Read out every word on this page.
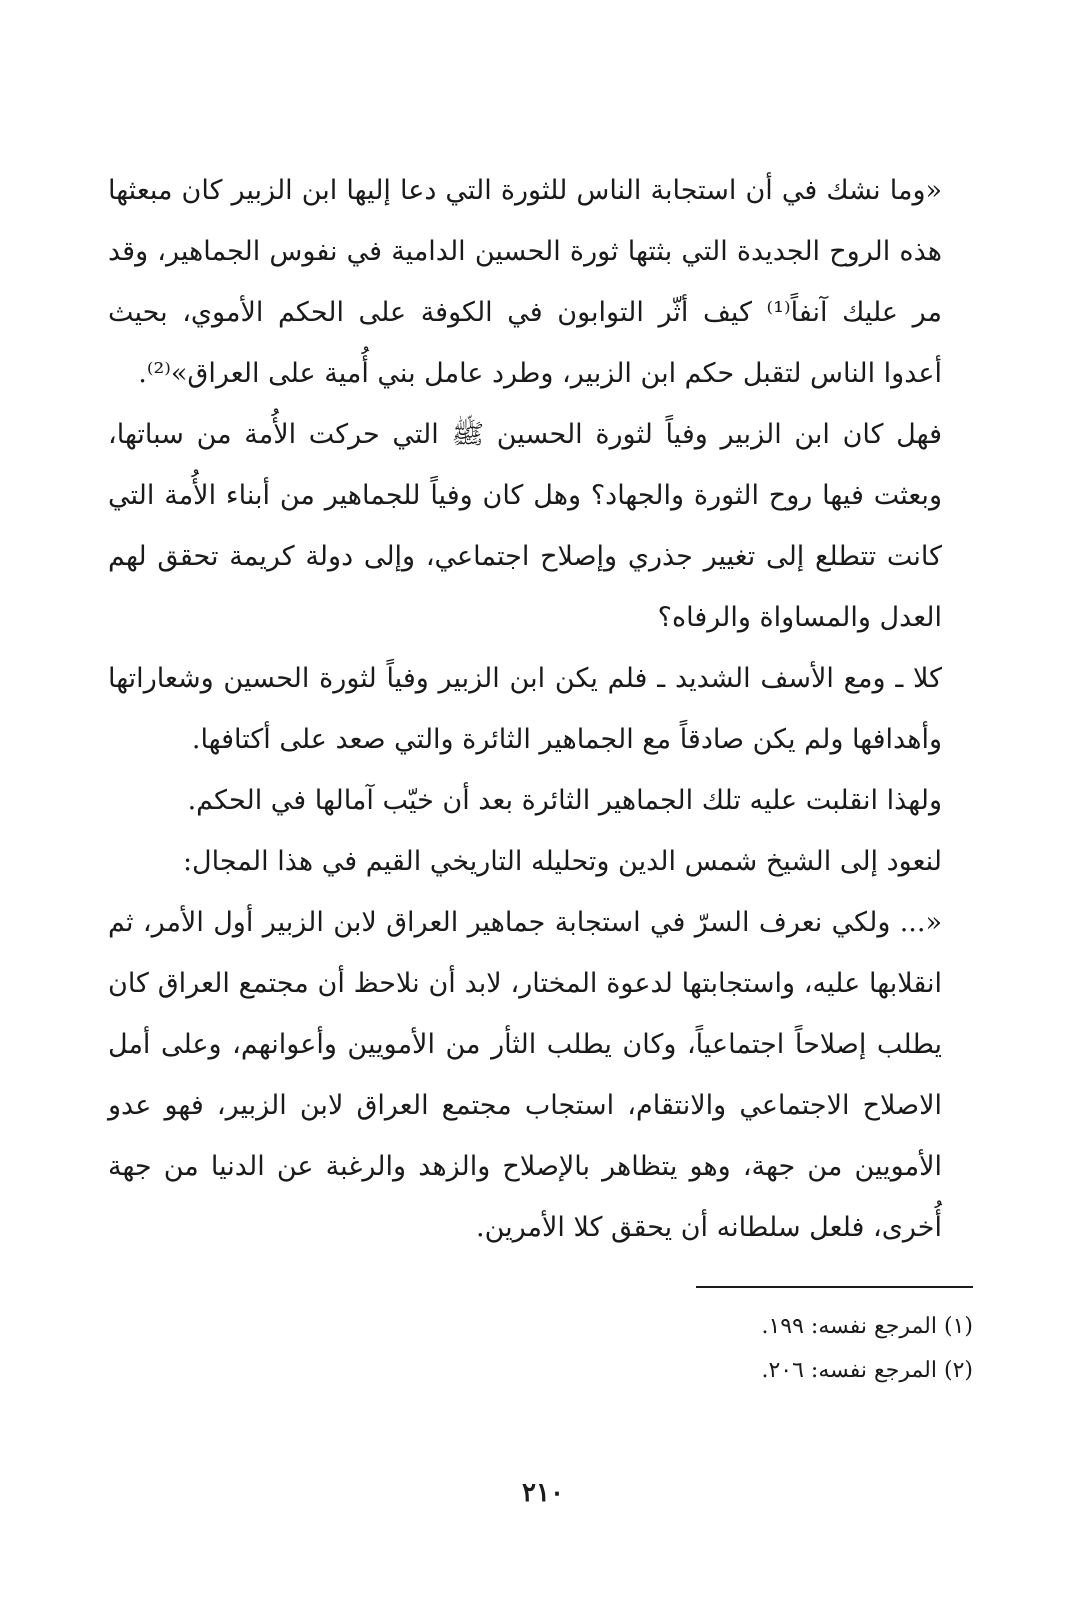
«وما نشك في أن استجابة الناس للثورة التي دعا إليها ابن الزبير كان مبعثها هذه الروح الجديدة التي بثتها ثورة الحسين الدامية في نفوس الجماهير، وقد مر عليك آنفاً⁽¹⁾ كيف أثّر التوابون في الكوفة على الحكم الأموي، بحيث أعدوا الناس لتقبل حكم ابن الزبير، وطرد عامل بني أُمية على العراق»⁽²⁾.

فهل كان ابن الزبير وفياً لثورة الحسين ﷺ التي حركت الأُمة من سباتها، وبعثت فيها روح الثورة والجهاد؟ وهل كان وفياً للجماهير من أبناء الأُمة التي كانت تتطلع إلى تغيير جذري وإصلاح اجتماعي، وإلى دولة كريمة تحقق لهم العدل والمساواة والرفاه؟

كلا ـ ومع الأسف الشديد ـ فلم يكن ابن الزبير وفياً لثورة الحسين وشعاراتها وأهدافها ولم يكن صادقاً مع الجماهير الثائرة والتي صعد على أكتافها.

ولهذا انقلبت عليه تلك الجماهير الثائرة بعد أن خيّب آمالها في الحكم.

لنعود إلى الشيخ شمس الدين وتحليله التاريخي القيم في هذا المجال:

«... ولكي نعرف السرّ في استجابة جماهير العراق لابن الزبير أول الأمر، ثم انقلابها عليه، واستجابتها لدعوة المختار، لابد أن نلاحظ أن مجتمع العراق كان يطلب إصلاحاً اجتماعياً، وكان يطلب الثأر من الأمويين وأعوانهم، وعلى أمل الاصلاح الاجتماعي والانتقام، استجاب مجتمع العراق لابن الزبير، فهو عدو الأمويين من جهة، وهو يتظاهر بالإصلاح والزهد والرغبة عن الدنيا من جهة أُخرى، فلعل سلطانه أن يحقق كلا الأمرين.

(١) المرجع نفسه: ١٩٩.

(٢) المرجع نفسه: ٢٠٦.

٢١٠
